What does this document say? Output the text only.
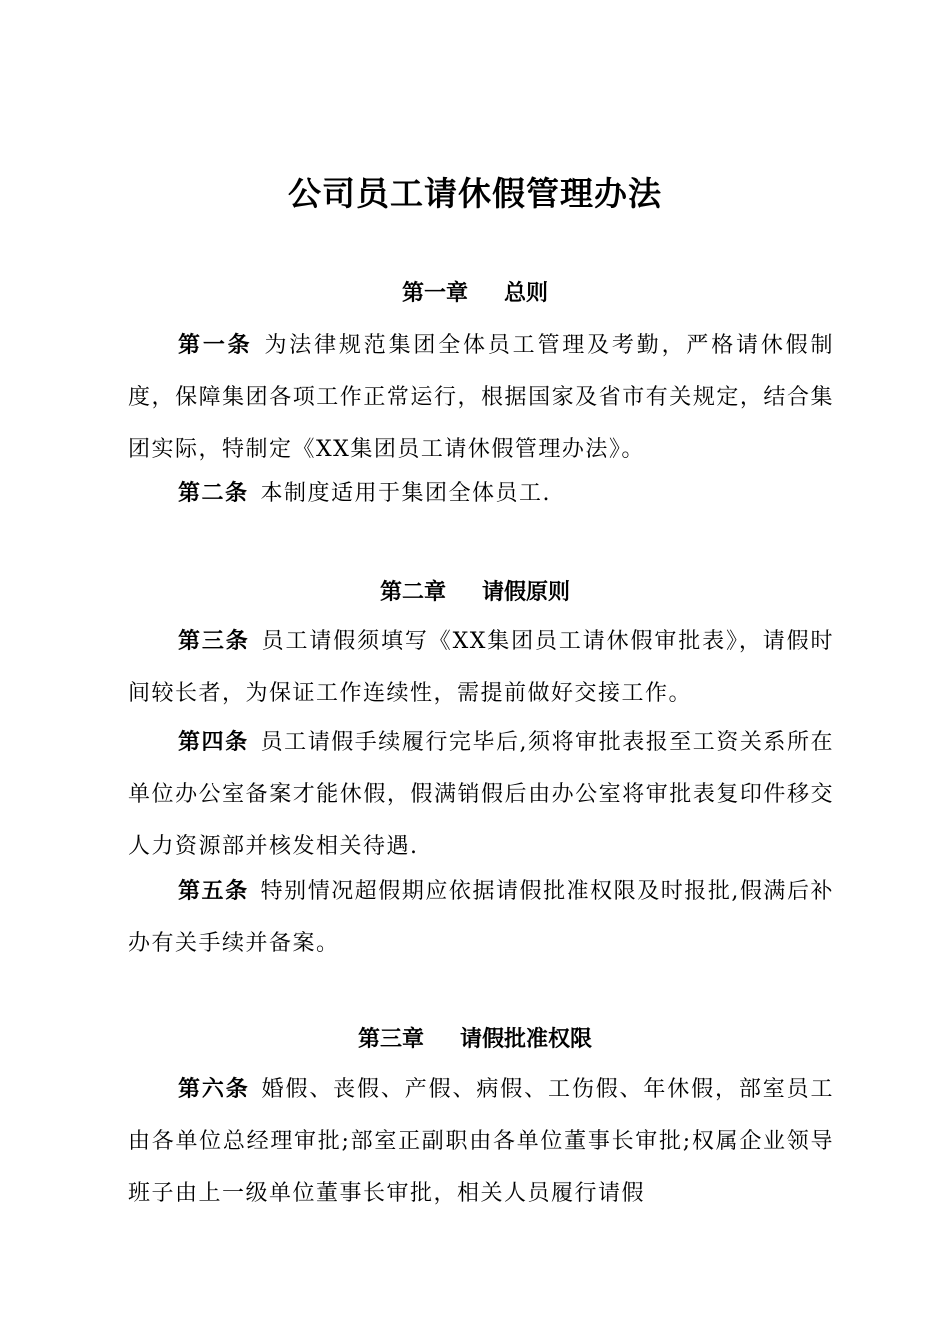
公司员工请休假管理办法
第一章 总则
第一条 为法律规范集团全体员工管理及考勤，严格请休假制度，保障集团各项工作正常运行，根据国家及省市有关规定，结合集团实际，特制定《XX集团员工请休假管理办法》。
第二条 本制度适用于集团全体员工.
第二章 请假原则
第三条 员工请假须填写《XX集团员工请休假审批表》，请假时间较长者，为保证工作连续性，需提前做好交接工作。
第四条 员工请假手续履行完毕后,须将审批表报至工资关系所在单位办公室备案才能休假，假满销假后由办公室将审批表复印件移交人力资源部并核发相关待遇.
第五条 特别情况超假期应依据请假批准权限及时报批,假满后补办有关手续并备案。
第三章 请假批准权限
第六条 婚假、丧假、产假、病假、工伤假、年休假，部室员工由各单位总经理审批;部室正副职由各单位董事长审批;权属企业领导班子由上一级单位董事长审批，相关人员履行请假
